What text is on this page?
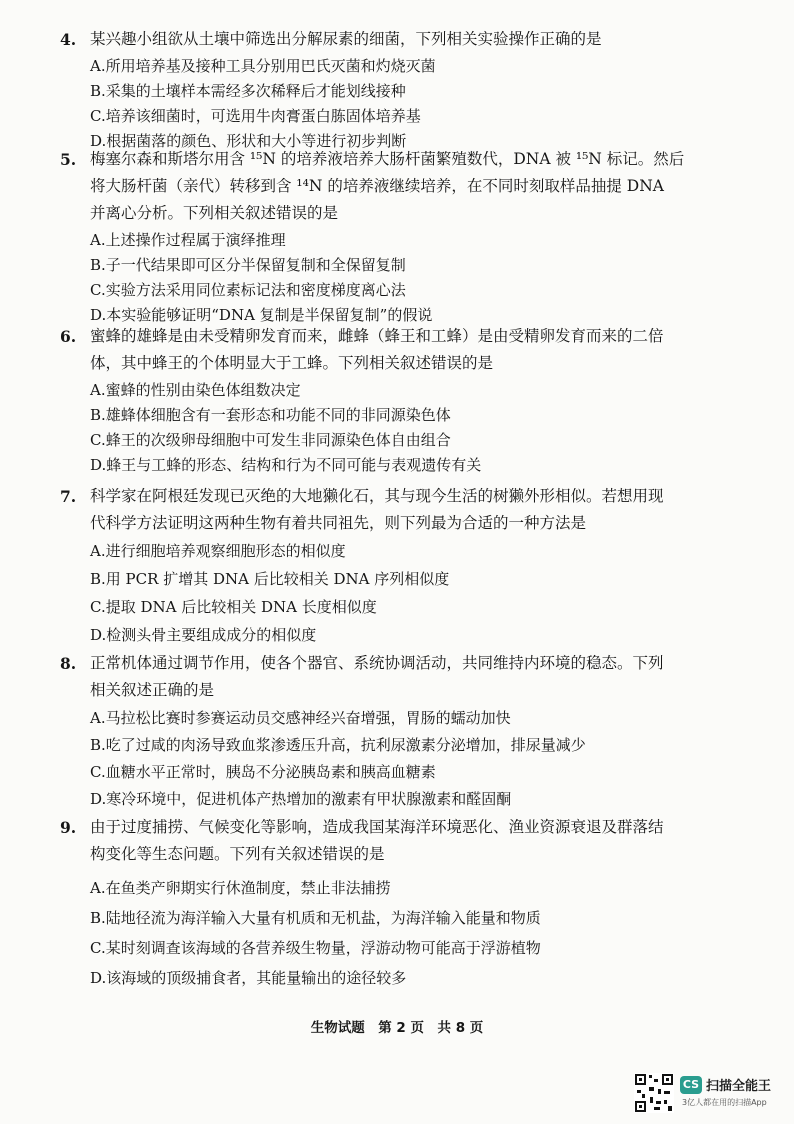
4. 某兴趣小组欲从土壤中筛选出分解尿素的细菌，下列相关实验操作正确的是
A.所用培养基及接种工具分别用巴氏灭菌和灼烧灭菌
B.采集的土壤样本需经多次稀释后才能划线接种
C.培养该细菌时，可选用牛肉膏蛋白胨固体培养基
D.根据菌落的颜色、形状和大小等进行初步判断
5. 梅塞尔森和斯塔尔用含 ¹⁵N 的培养液培养大肠杆菌繁殖数代，DNA 被 ¹⁵N 标记。然后
将大肠杆菌（亲代）转移到含 ¹⁴N 的培养液继续培养，在不同时刻取样品抽提 DNA
并离心分析。下列相关叙述错误的是
A.上述操作过程属于演绎推理
B.子一代结果即可区分半保留复制和全保留复制
C.实验方法采用同位素标记法和密度梯度离心法
D.本实验能够证明“DNA 复制是半保留复制”的假说
6. 蜜蜂的雄蜂是由未受精卵发育而来，雌蜂（蜂王和工蜂）是由受精卵发育而来的二倍
体，其中蜂王的个体明显大于工蜂。下列相关叙述错误的是
A.蜜蜂的性别由染色体组数决定
B.雄蜂体细胞含有一套形态和功能不同的非同源染色体
C.蜂王的次级卵母细胞中可发生非同源染色体自由组合
D.蜂王与工蜂的形态、结构和行为不同可能与表观遗传有关
7. 科学家在阿根廷发现已灭绝的大地獭化石，其与现今生活的树獭外形相似。若想用现
代科学方法证明这两种生物有着共同祖先，则下列最为合适的一种方法是
A.进行细胞培养观察细胞形态的相似度
B.用 PCR 扩增其 DNA 后比较相关 DNA 序列相似度
C.提取 DNA 后比较相关 DNA 长度相似度
D.检测头骨主要组成成分的相似度
8. 正常机体通过调节作用，使各个器官、系统协调活动，共同维持内环境的稳态。下列
相关叙述正确的是
A.马拉松比赛时参赛运动员交感神经兴奋增强，胃肠的蠕动加快
B.吃了过咸的肉汤导致血浆渗透压升高，抗利尿激素分泌增加，排尿量减少
C.血糖水平正常时，胰岛不分泌胰岛素和胰高血糖素
D.寒冷环境中，促进机体产热增加的激素有甲状腺激素和醛固酮
9. 由于过度捕捞、气候变化等影响，造成我国某海洋环境恶化、渔业资源衰退及群落结
构变化等生态问题。下列有关叙述错误的是
A.在鱼类产卵期实行休渔制度，禁止非法捕捞
B.陆地径流为海洋输入大量有机质和无机盐，为海洋输入能量和物质
C.某时刻调查该海域的各营养级生物量，浮游动物可能高于浮游植物
D.该海域的顶级捕食者，其能量输出的途径较多
生物试题　第 2 页　共 8 页
CS 扫描全能王
3亿人都在用的扫描App
